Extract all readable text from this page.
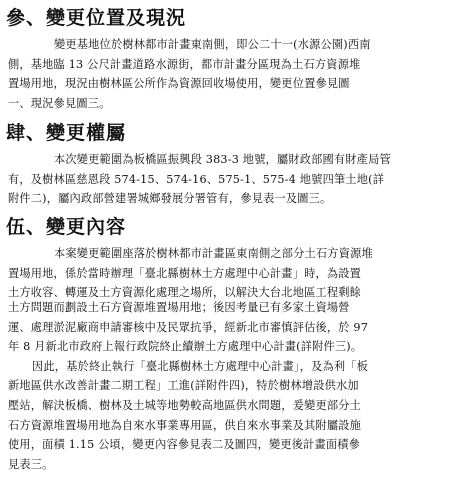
參、變更位置及現況
變更基地位於樹林都市計畫東南側，即公二十一(水源公園)西南
側，基地臨 13 公尺計畫道路水源街，都市計畫分區現為土石方資源堆
置場用地，現況由樹林區公所作為資源回收場使用，變更位置參見圖
一、現況參見圖三。
肆、變更權屬
本次變更範圍為板橋區振興段 383-3 地號，屬財政部國有財產局管
有，及樹林區慈恩段 574-15、574-16、575-1、575-4 地號四筆土地(詳
附件二)，屬內政部營建署城鄉發展分署管有，參見表一及圖三。
伍、變更內容
本案變更範圍座落於樹林都市計畫區東南側之部分土石方資源堆
置場用地，係於當時辦理「臺北縣樹林土方處理中心計畫」時，為設置
土方收容、轉運及土方資源化處理之場所，以解決大台北地區工程剩餘
土方問題而劃設土石方資源堆置場用地；後因考量已有多家土資場營
運、處理淤泥廠商申請審核中及民眾抗爭，經新北市審慎評估後，於 97
年 8 月新北市政府上報行政院終止續辦土方處理中心計畫(詳附件三)。
因此，基於終止執行「臺北縣樹林土方處理中心計畫」，及為利「板
新地區供水改善計畫二期工程」工進(詳附件四)，特於樹林增設供水加
壓站，解決板橋、樹林及土城等地勢較高地區供水問題，爰變更部分土
石方資源堆置場用地為自來水事業專用區，供自來水事業及其附屬設施
使用，面積 1.15 公頃，變更內容參見表二及圖四，變更後計畫面積參
見表三。
